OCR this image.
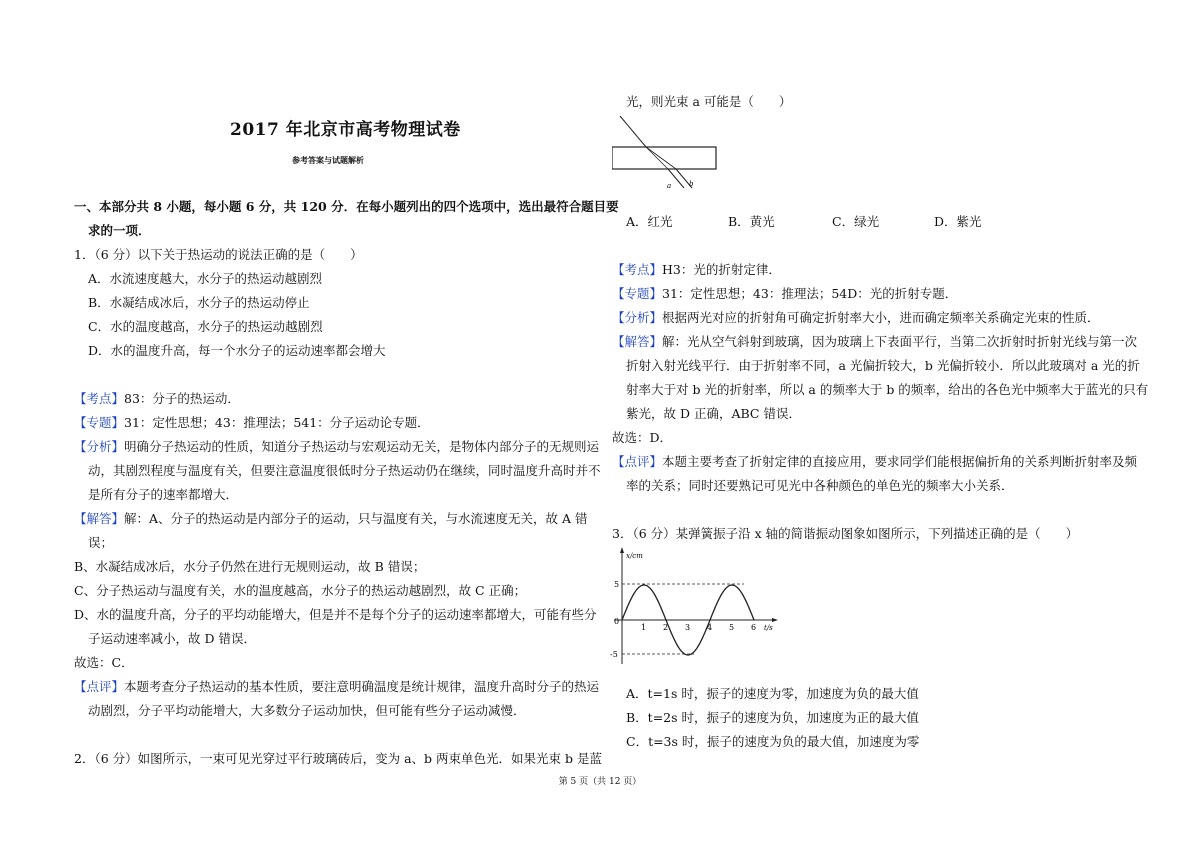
2017 年北京市高考物理试卷
参考答案与试题解析
一、本部分共 8 小题，每小题 6 分，共 120 分．在每小题列出的四个选项中，选出最符合题目要
求的一项．
1．（6 分）以下关于热运动的说法正确的是（　　）
A．水流速度越大，水分子的热运动越剧烈
B．水凝结成冰后，水分子的热运动停止
C．水的温度越高，水分子的热运动越剧烈
D．水的温度升高，每一个水分子的运动速率都会增大
【考点】83：分子的热运动．
【专题】31：定性思想；43：推理法；541：分子运动论专题．
【分析】明确分子热运动的性质，知道分子热运动与宏观运动无关，是物体内部分子的无规则运
动，其剧烈程度与温度有关，但要注意温度很低时分子热运动仍在继续，同时温度升高时并不
是所有分子的速率都增大．
【解答】解：A、分子的热运动是内部分子的运动，只与温度有关，与水流速度无关，故 A 错
误；
B、水凝结成冰后，水分子仍然在进行无规则运动，故 B 错误；
C、分子热运动与温度有关，水的温度越高，水分子的热运动越剧烈，故 C 正确；
D、水的温度升高，分子的平均动能增大，但是并不是每个分子的运动速率都增大，可能有些分
子运动速率减小，故 D 错误．
故选：C．
【点评】本题考查分子热运动的基本性质，要注意明确温度是统计规律，温度升高时分子的热运
动剧烈，分子平均动能增大，大多数分子运动加快，但可能有些分子运动减慢．
2．（6 分）如图所示，一束可见光穿过平行玻璃砖后，变为 a、b 两束单色光．如果光束 b 是蓝
光，则光束 a 可能是（　　）
a	b
A．红光	B．黄光	C．绿光	D．紫光
【考点】H3：光的折射定律．
【专题】31：定性思想；43：推理法；54D：光的折射专题．
【分析】根据两光对应的折射角可确定折射率大小，进而确定频率关系确定光束的性质．
【解答】解：光从空气斜射到玻璃，因为玻璃上下表面平行，当第二次折射时折射光线与第一次
折射入射光线平行．由于折射率不同，a 光偏折较大，b 光偏折较小．所以此玻璃对 a 光的折
射率大于对 b 光的折射率，所以 a 的频率大于 b 的频率，给出的各色光中频率大于蓝光的只有
紫光，故 D 正确，ABC 错误．
故选：D．
【点评】本题主要考查了折射定律的直接应用，要求同学们能根据偏折角的关系判断折射率及频
率的关系；同时还要熟记可见光中各种颜色的单色光的频率大小关系．
3．（6 分）某弹簧振子沿 x 轴的简谐振动图象如图所示，下列描述正确的是（　　）
x/cm
t/s
0
5
-5
1 2 3 4 5 6
A．t=1s 时，振子的速度为零，加速度为负的最大值
B．t=2s 时，振子的速度为负，加速度为正的最大值
C．t=3s 时，振子的速度为负的最大值，加速度为零
第 5 页（共 12 页）
